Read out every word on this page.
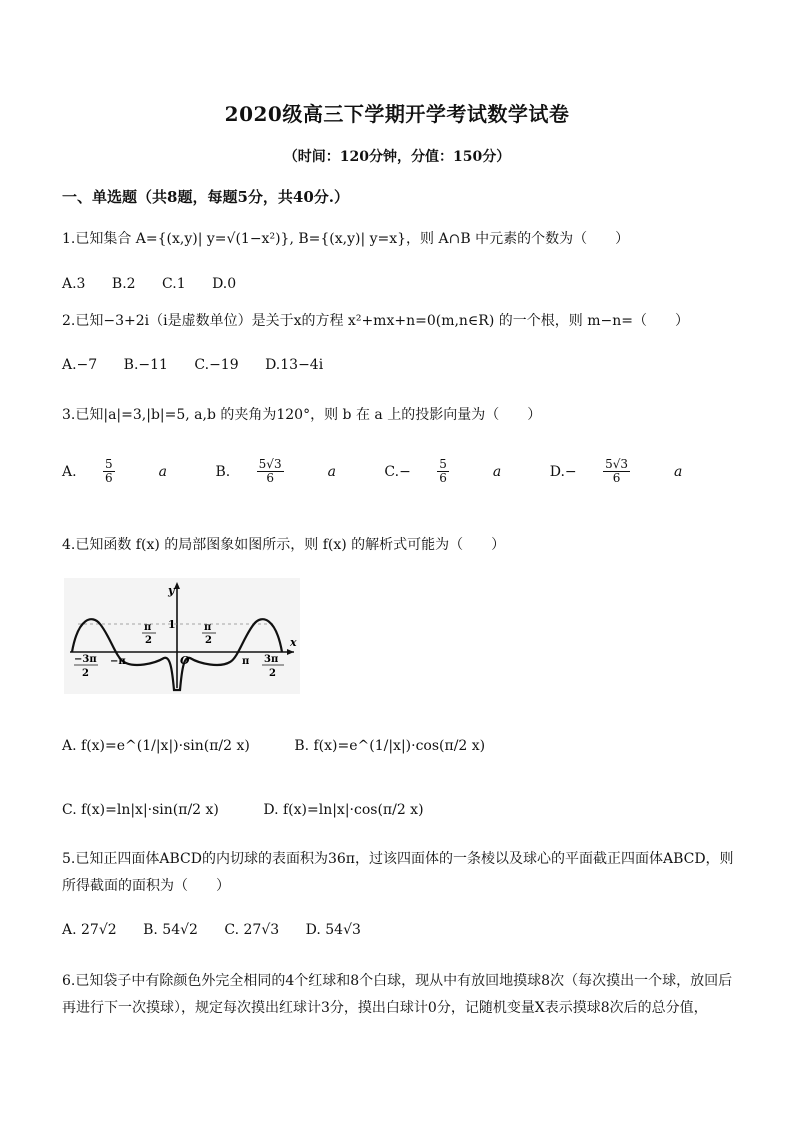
2020级高三下学期开学考试数学试卷
（时间：120分钟，分值：150分）
一、单选题（共8题，每题5分，共40分.）
1.已知集合 A={(x,y)| y=√(1−x²)}, B={(x,y)| y=x}，则 A∩B 中元素的个数为（　　）
A.3 B.2 C.1 D.0
2.已知−3+2i（i是虚数单位）是关于x的方程 x²+mx+n=0(m,n∈R) 的一个根，则 m−n=（　　）
A.−7 B.−11 C.−19 D.13−4i
3.已知|a|=3,|b|=5, a,b 的夹角为120°，则 b 在 a 上的投影向量为（　　）
A. $\frac{5}{6}$ a	B. $\frac{5√3}{6}$ a	$C.- \frac{5}{6}$ a	$D.- \frac{5√3}{6}$ a
4.已知函数 f(x) 的局部图象如图所示，则 f(x) 的解析式可能为（　　）
y
x
1
O
π
2
π
2
−π	π
−3π
2
3π
2
A. f(x)=e^(1/|x|)·sin(π/2 x)	B. f(x)=e^(1/|x|)·cos(π/2 x)
C. f(x)=ln|x|·sin(π/2 x)	D. f(x)=ln|x|·cos(π/2 x)
5.已知正四面体ABCD的内切球的表面积为36π，过该四面体的一条棱以及球心的平面截正四面体ABCD，则所得截面的面积为（　　）
A. 27√2 B. 54√2 C. 27√3 D. 54√3
6.已知袋子中有除颜色外完全相同的4个红球和8个白球，现从中有放回地摸球8次（每次摸出一个球，放回后再进行下一次摸球），规定每次摸出红球计3分，摸出白球计0分，记随机变量X表示摸球8次后的总分值，
